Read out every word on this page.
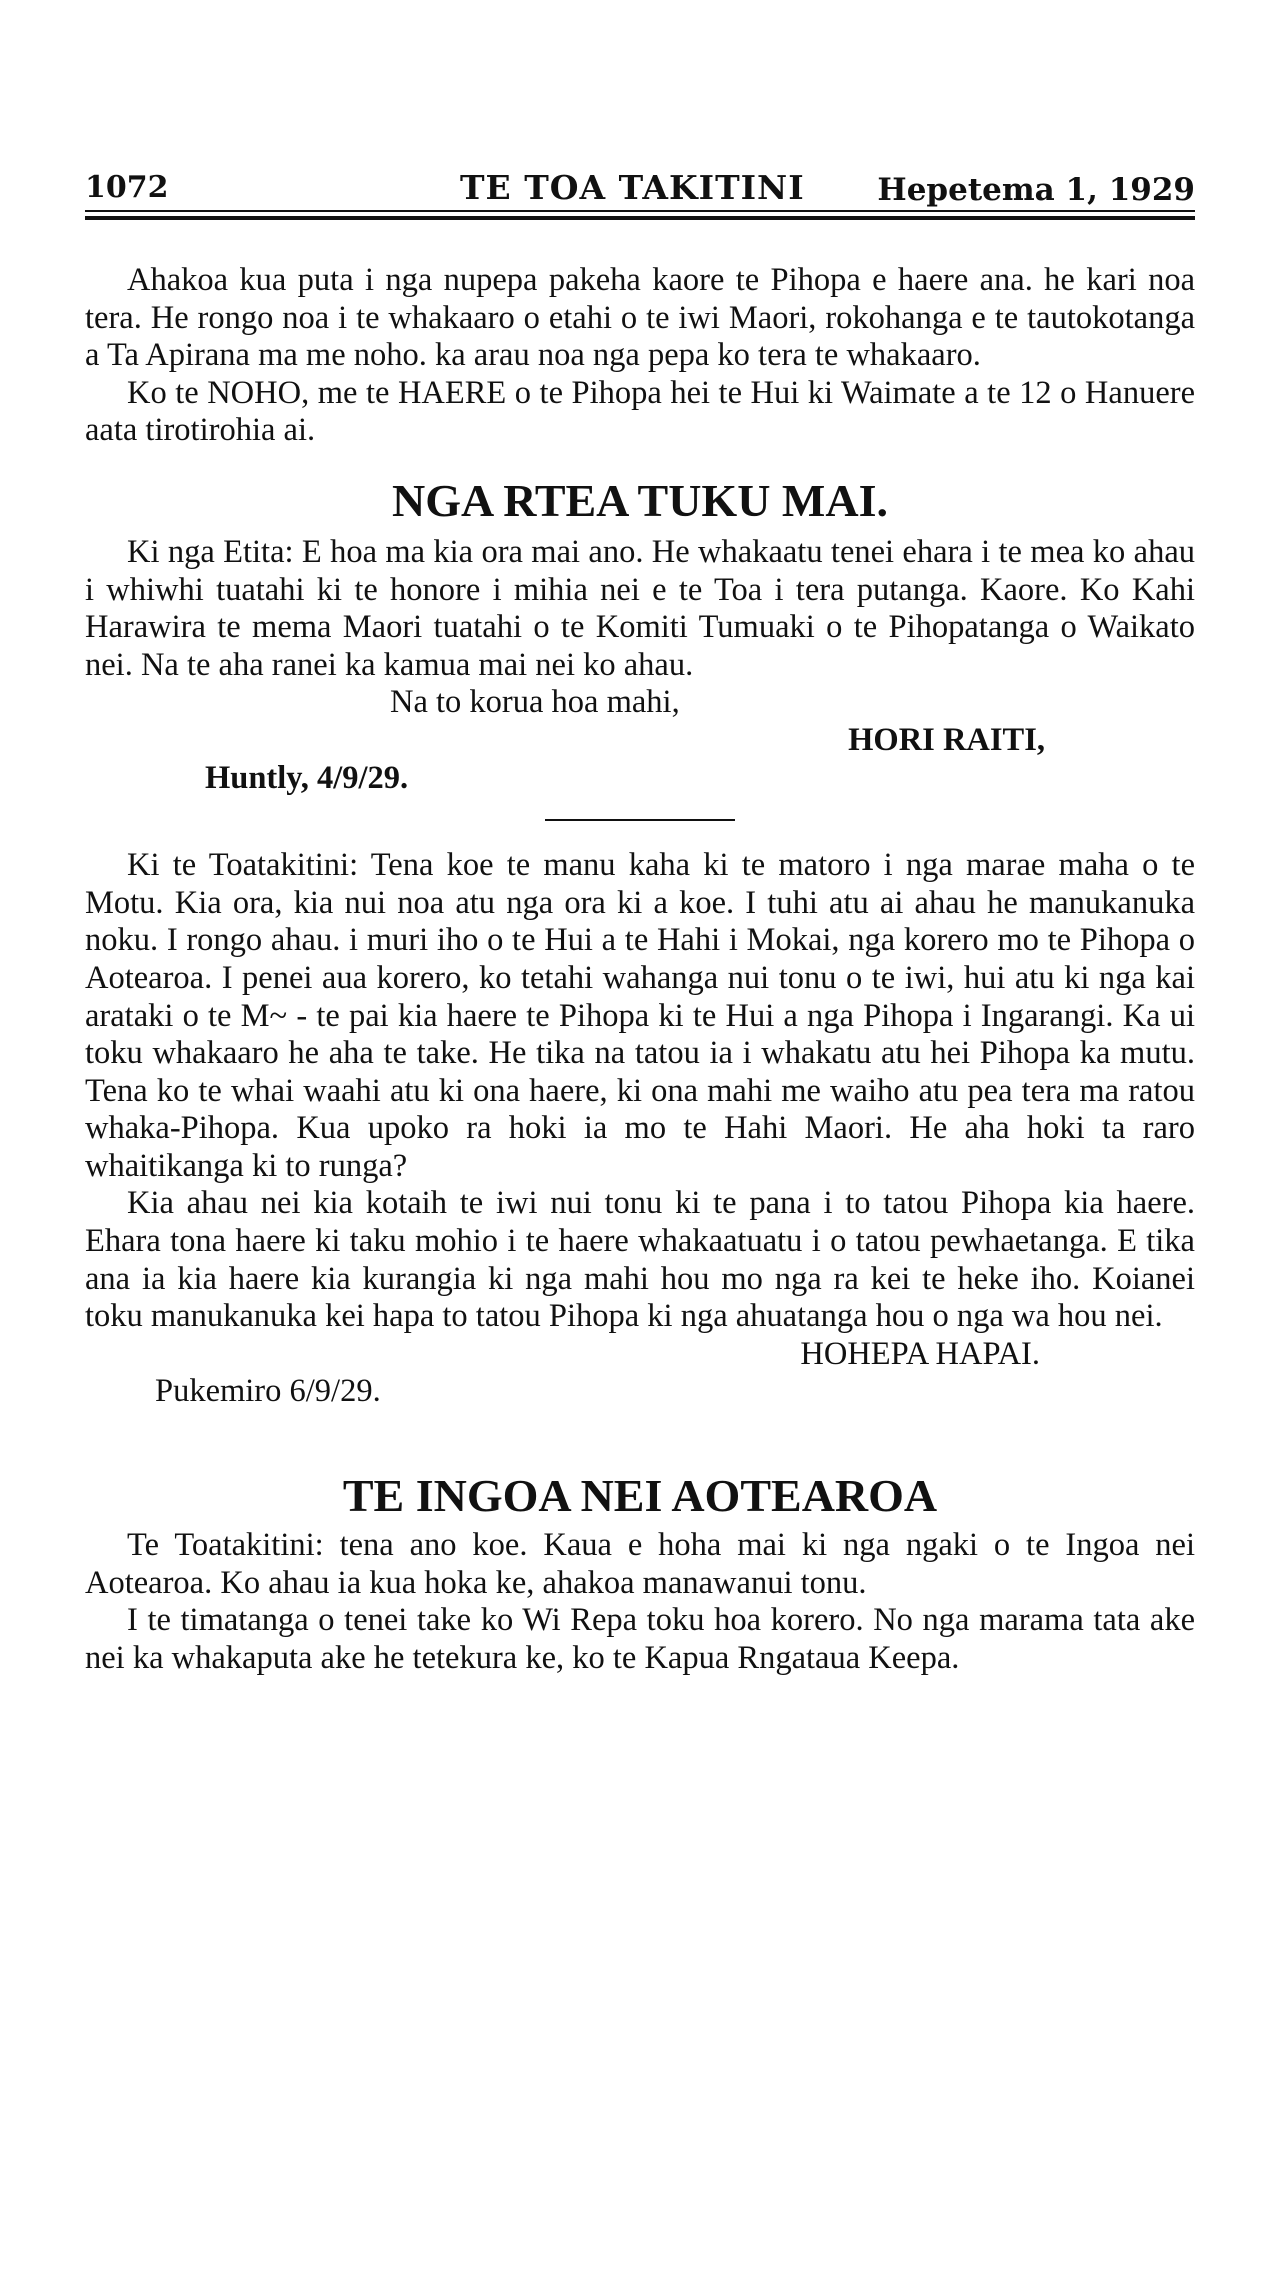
1072	TE TOA TAKITINI Hepetema 1, 1929

Ahakoa kua puta i nga nupepa pakeha kaore te Pihopa e haere ana. he kari noa tera. He rongo noa i te whakaaro o etahi o te iwi Maori, rokohanga e te tautokotanga a Ta Apirana ma me noho. ka arau noa nga pepa ko tera te whakaaro.

Ko te NOHO, me te HAERE o te Pihopa hei te Hui ki Waimate a te 12 o Hanuere aata tirotirohia ai.

NGA RTEA TUKU MAI.

Ki nga Etita: E hoa ma kia ora mai ano. He whakaatu tenei ehara i te mea ko ahau i whiwhi tuatahi ki te honore i mihia nei e te Toa i tera putanga. Kaore. Ko Kahi Harawira te mema Maori tuatahi o te Komiti Tumuaki o te Pihopatanga o Waikato nei. Na te aha ranei ka kamua mai nei ko ahau.

Na to korua hoa mahi,

HORI RAITI,

Huntly, 4/9/29.

Ki te Toatakitini: Tena koe te manu kaha ki te matoro i nga marae maha o te Motu. Kia ora, kia nui noa atu nga ora ki a koe. I tuhi atu ai ahau he manukanuka noku. I rongo ahau. i muri iho o te Hui a te Hahi i Mokai, nga korero mo te Pihopa o Aotearoa. I penei aua korero, ko tetahi wahanga nui tonu o te iwi, hui atu ki nga kai arataki o te M~ - te pai kia haere te Pihopa ki te Hui a nga Pihopa i Ingarangi. Ka ui toku whakaaro he aha te take. He tika na tatou ia i whakatu atu hei Pihopa ka mutu. Tena ko te whai waahi atu ki ona haere, ki ona mahi me waiho atu pea tera ma ratou whaka-Pihopa. Kua upoko ra hoki ia mo te Hahi Maori. He aha hoki ta raro whaitikanga ki to runga?

Kia ahau nei kia kotaih te iwi nui tonu ki te pana i to tatou Pihopa kia haere. Ehara tona haere ki taku mohio i te haere whakaatuatu i o tatou pewhaetanga. E tika ana ia kia haere kia kurangia ki nga mahi hou mo nga ra kei te heke iho. Koianei toku manukanuka kei hapa to tatou Pihopa ki nga ahuatanga hou o nga wa hou nei.

HOHEPA HAPAI.

Pukemiro 6/9/29.

TE INGOA NEI AOTEAROA

Te Toatakitini: tena ano koe. Kaua e hoha mai ki nga ngaki o te Ingoa nei Aotearoa. Ko ahau ia kua hoka ke, ahakoa manawanui tonu.

I te timatanga o tenei take ko Wi Repa toku hoa korero. No nga marama tata ake nei ka whakaputa ake he tetekura ke, ko te Kapua Rngataua Keepa.
